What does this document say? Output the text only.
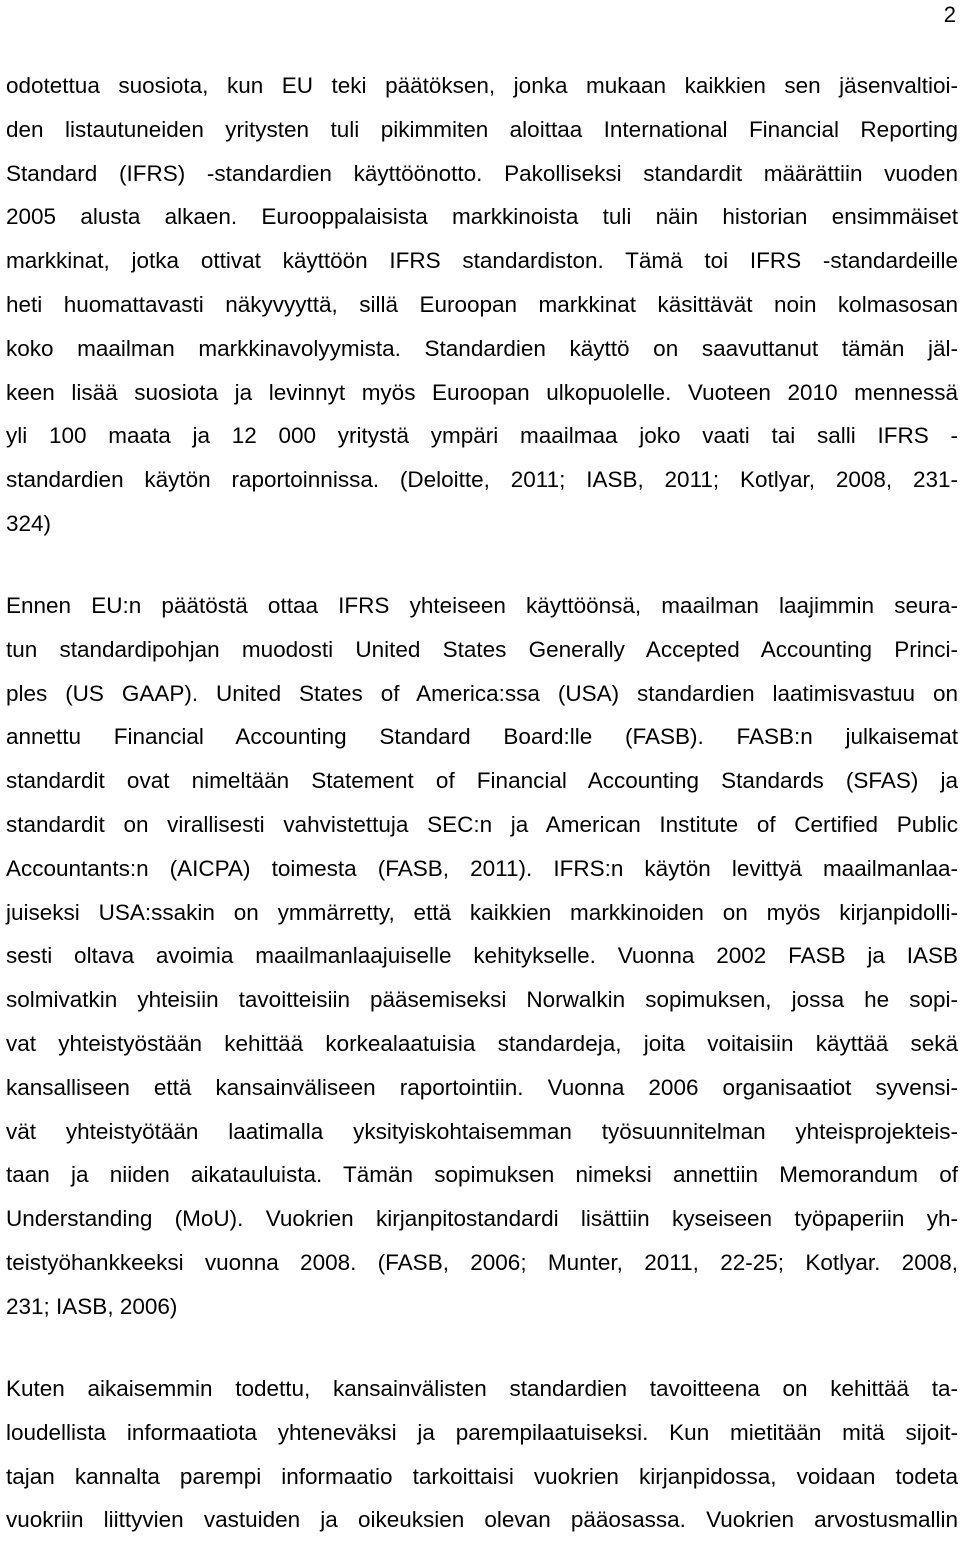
2
odotettua suosiota, kun EU teki päätöksen, jonka mukaan kaikkien sen jäsenvaltioi-
den listautuneiden yritysten tuli pikimmiten aloittaa International Financial Reporting
Standard (IFRS) -standardien käyttöönotto. Pakolliseksi standardit määrättiin vuoden
2005 alusta alkaen. Eurooppalaisista markkinoista tuli näin historian ensimmäiset
markkinat, jotka ottivat käyttöön IFRS standardiston. Tämä toi IFRS -standardeille
heti huomattavasti näkyvyyttä, sillä Euroopan markkinat käsittävät noin kolmasosan
koko maailman markkinavolyymista. Standardien käyttö on saavuttanut tämän jäl-
keen lisää suosiota ja levinnyt myös Euroopan ulkopuolelle. Vuoteen 2010 mennessä
yli 100 maata ja 12 000 yritystä ympäri maailmaa joko vaati tai salli IFRS -
standardien käytön raportoinnissa. (Deloitte, 2011; IASB, 2011; Kotlyar, 2008, 231-
324)
Ennen EU:n päätöstä ottaa IFRS yhteiseen käyttöönsä, maailman laajimmin seura-
tun standardipohjan muodosti United States Generally Accepted Accounting Princi-
ples (US GAAP). United States of America:ssa (USA) standardien laatimisvastuu on
annettu Financial Accounting Standard Board:lle (FASB). FASB:n julkaisemat
standardit ovat nimeltään Statement of Financial Accounting Standards (SFAS) ja
standardit on virallisesti vahvistettuja SEC:n ja American Institute of Certified Public
Accountants:n (AICPA) toimesta (FASB, 2011). IFRS:n käytön levittyä maailmanlaa-
juiseksi USA:ssakin on ymmärretty, että kaikkien markkinoiden on myös kirjanpidolli-
sesti oltava avoimia maailmanlaajuiselle kehitykselle. Vuonna 2002 FASB ja IASB
solmivatkin yhteisiin tavoitteisiin pääsemiseksi Norwalkin sopimuksen, jossa he sopi-
vat yhteistyöstään kehittää korkealaatuisia standardeja, joita voitaisiin käyttää sekä
kansalliseen että kansainväliseen raportointiin. Vuonna 2006 organisaatiot syvensi-
vät yhteistyötään laatimalla yksityiskohtaisemman työsuunnitelman yhteisprojekteis-
taan ja niiden aikatauluista. Tämän sopimuksen nimeksi annettiin Memorandum of
Understanding (MoU). Vuokrien kirjanpitostandardi lisättiin kyseiseen työpaperiin yh-
teistyöhankkeeksi vuonna 2008. (FASB, 2006; Munter, 2011, 22-25; Kotlyar. 2008,
231; IASB, 2006)
Kuten aikaisemmin todettu, kansainvälisten standardien tavoitteena on kehittää ta-
loudellista informaatiota yhteneväksi ja parempilaatuiseksi. Kun mietitään mitä sijoit-
tajan kannalta parempi informaatio tarkoittaisi vuokrien kirjanpidossa, voidaan todeta
vuokriin liittyvien vastuiden ja oikeuksien olevan pääosassa. Vuokrien arvostusmallin
